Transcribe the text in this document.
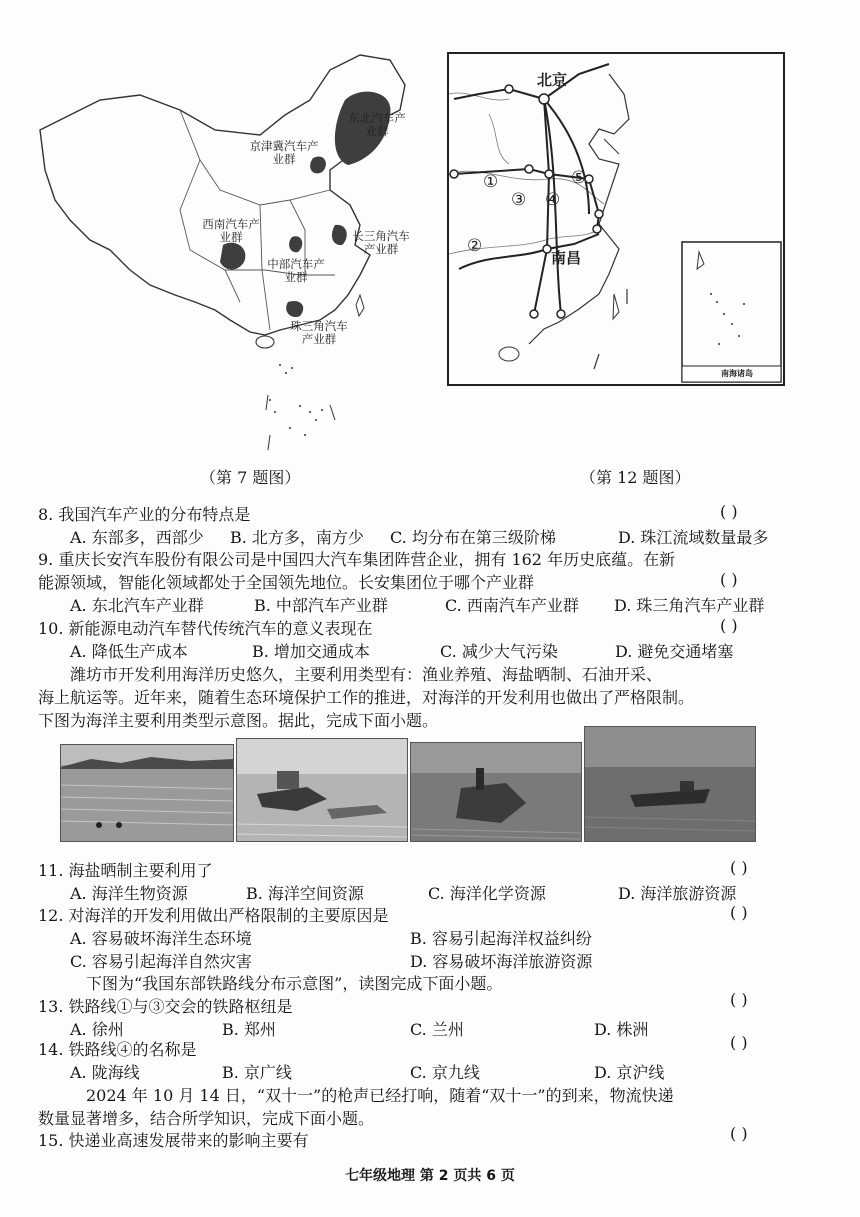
东北汽车产业群
京津冀汽车产业群
西南汽车产业群	长三角汽车产业群
中部汽车产业群
珠三角汽车产业群
（第 7 题图）
北京
南昌
①
②
③ ④
⑤
南海诸岛
（第 12 题图）
8. 我国汽车产业的分布特点是	( )
A. 东部多，西部少 B. 北方多，南方少 C. 均分布在第三级阶梯	D. 珠江流域数量最多
9. 重庆长安汽车股份有限公司是中国四大汽车集团阵营企业，拥有 162 年历史底蕴。在新
能源领域，智能化领域都处于全国领先地位。长安集团位于哪个产业群	( )
A. 东北汽车产业群	B. 中部汽车产业群	C. 西南汽车产业群 D. 珠三角汽车产业群
10. 新能源电动汽车替代传统汽车的意义表现在	( )
A. 降低生产成本	B. 增加交通成本	C. 减少大气污染	D. 避免交通堵塞
潍坊市开发利用海洋历史悠久，主要利用类型有：渔业养殖、海盐晒制、石油开采、
海上航运等。近年来，随着生态环境保护工作的推进，对海洋的开发利用也做出了严格限制。
下图为海洋主要利用类型示意图。据此，完成下面小题。
11. 海盐晒制主要利用了	( )
A. 海洋生物资源	B. 海洋空间资源	C. 海洋化学资源	D. 海洋旅游资源
12. 对海洋的开发利用做出严格限制的主要原因是	( )
A. 容易破坏海洋生态环境	B. 容易引起海洋权益纠纷
C. 容易引起海洋自然灾害	D. 容易破坏海洋旅游资源
下图为“我国东部铁路线分布示意图”，读图完成下面小题。
13. 铁路线①与③交会的铁路枢纽是	( )
A. 徐州	B. 郑州	C. 兰州	D. 株洲
14. 铁路线④的名称是	( )
A. 陇海线	B. 京广线	C. 京九线	D. 京沪线
2024 年 10 月 14 日，“双十一”的枪声已经打响，随着“双十一”的到来，物流快递
数量显著增多，结合所学知识，完成下面小题。
15. 快递业高速发展带来的影响主要有	( )
七年级地理 第 2 页共 6 页
